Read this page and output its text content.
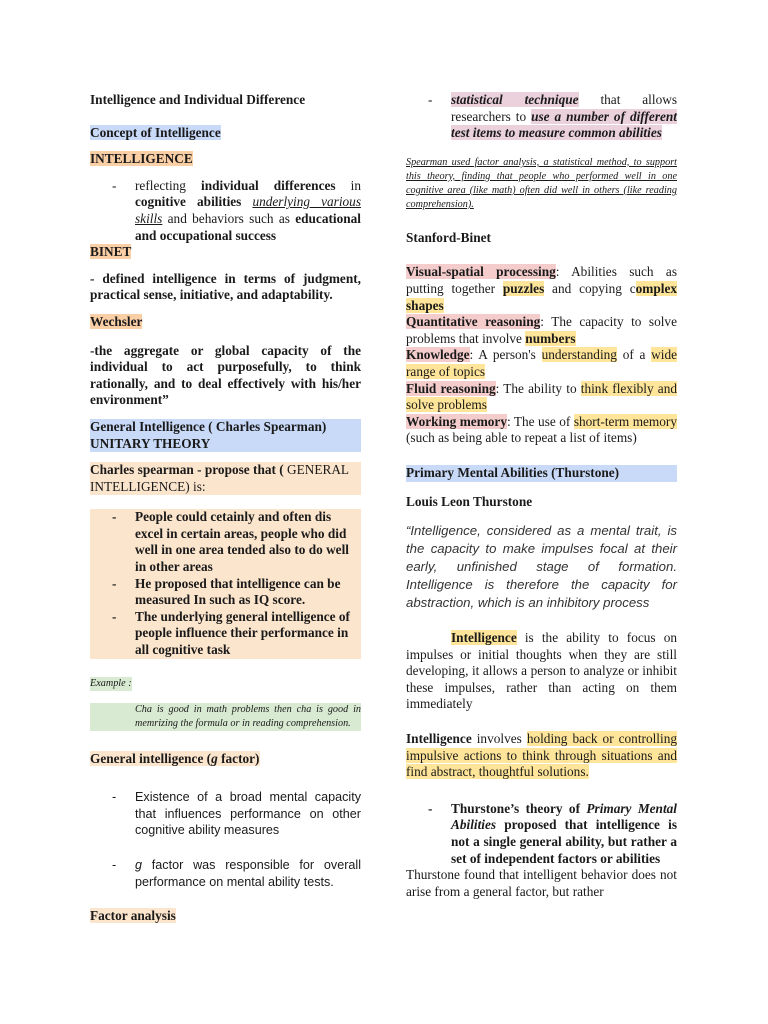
Intelligence and Individual Difference

Concept of Intelligence

INTELLIGENCE

- reflecting individual differences in cognitive abilities underlying various skills and behaviors such as educational and occupational success

BINET

- defined intelligence in terms of judgment, practical sense, initiative, and adaptability.

Wechsler

-the aggregate or global capacity of the individual to act purposefully, to think rationally, and to deal effectively with his/her environment”

General Intelligence ( Charles Spearman)
UNITARY THEORY

Charles spearman - propose that ( GENERAL INTELLIGENCE) is:

- People could cetainly and often dis excel in certain areas, people who did well in one area tended also to do well in other areas
- He proposed that intelligence can be measured In such as IQ score.
- The underlying general intelligence of people influence their performance in all cognitive task

Example :

Cha is good in math problems then cha is good in memrizing the formula or in reading comprehension.

General intelligence (g factor)

- Existence of a broad mental capacity that influences performance on other cognitive ability measures
- g factor was responsible for overall performance on mental ability tests.

Factor analysis

- statistical technique that allows researchers to use a number of different test items to measure common abilities

Spearman used factor analysis, a statistical method, to support this theory, finding that people who performed well in one cognitive area (like math) often did well in others (like reading comprehension).

Stanford-Binet

Visual-spatial processing: Abilities such as putting together puzzles and copying complex shapes

Quantitative reasoning: The capacity to solve problems that involve numbers

Knowledge: A person's understanding of a wide range of topics

Fluid reasoning: The ability to think flexibly and solve problems

Working memory: The use of short-term memory (such as being able to repeat a list of items)

Primary Mental Abilities (Thurstone)

Louis Leon Thurstone

“Intelligence, considered as a mental trait, is the capacity to make impulses focal at their early, unfinished stage of formation. Intelligence is therefore the capacity for abstraction, which is an inhibitory process

Intelligence is the ability to focus on impulses or initial thoughts when they are still developing, it allows a person to analyze or inhibit these impulses, rather than acting on them immediately

Intelligence involves holding back or controlling impulsive actions to think through situations and find abstract, thoughtful solutions.

- Thurstone’s theory of Primary Mental Abilities proposed that intelligence is not a single general ability, but rather a set of independent factors or abilities

Thurstone found that intelligent behavior does not arise from a general factor, but rather
